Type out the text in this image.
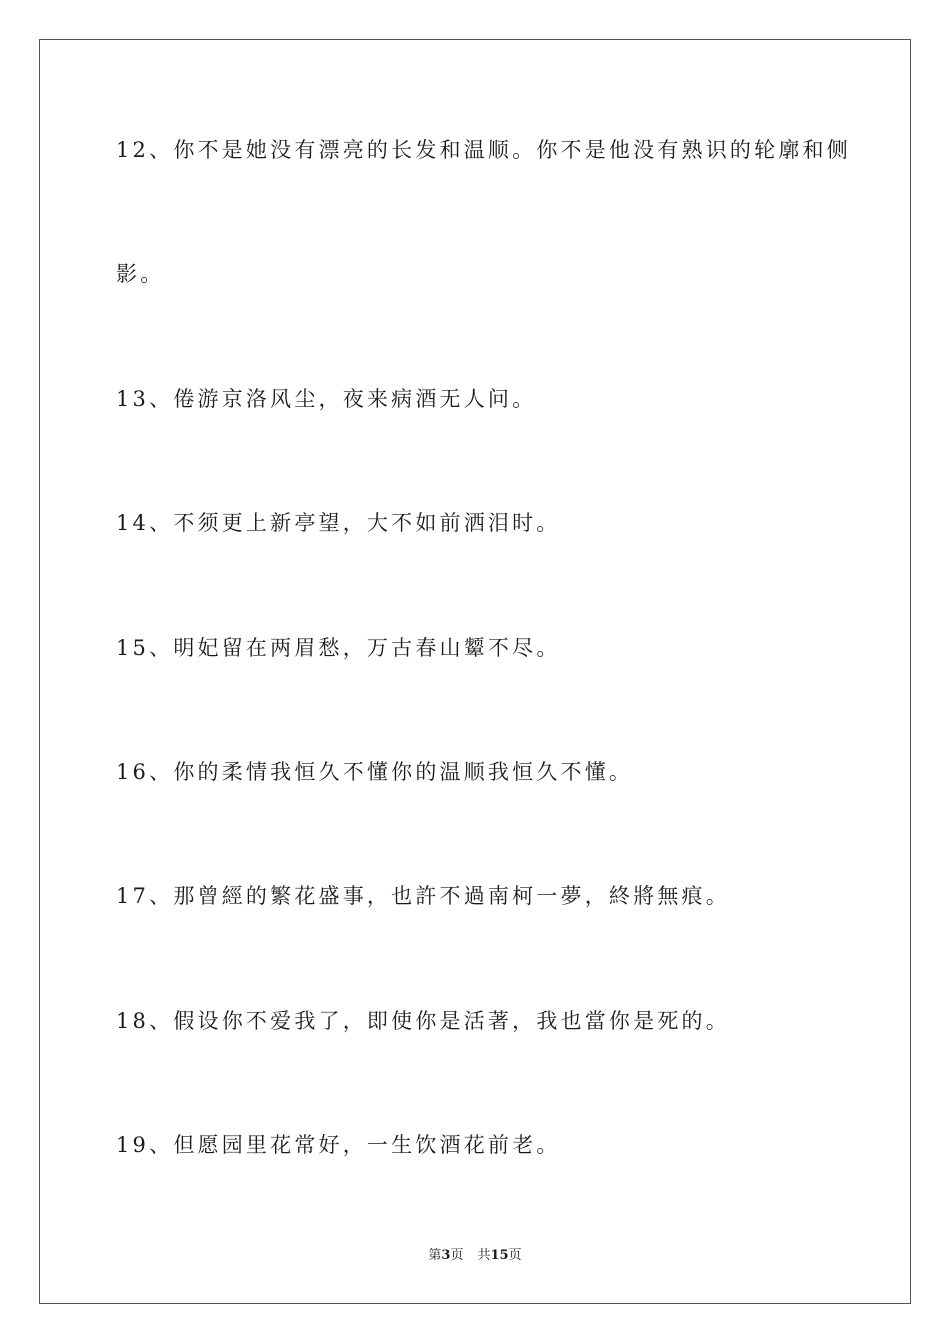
12、你不是她没有漂亮的长发和温顺。你不是他没有熟识的轮廓和侧
影。
13、倦游京洛风尘，夜来病酒无人问。
14、不须更上新亭望，大不如前洒泪时。
15、明妃留在两眉愁，万古春山颦不尽。
16、你的柔情我恒久不懂你的温顺我恒久不懂。
17、那曾經的繁花盛事，也許不過南柯一夢，終將無痕。
18、假设你不爱我了，即使你是活著，我也當你是死的。
19、但愿园里花常好，一生饮酒花前老。
第3页 共15页
